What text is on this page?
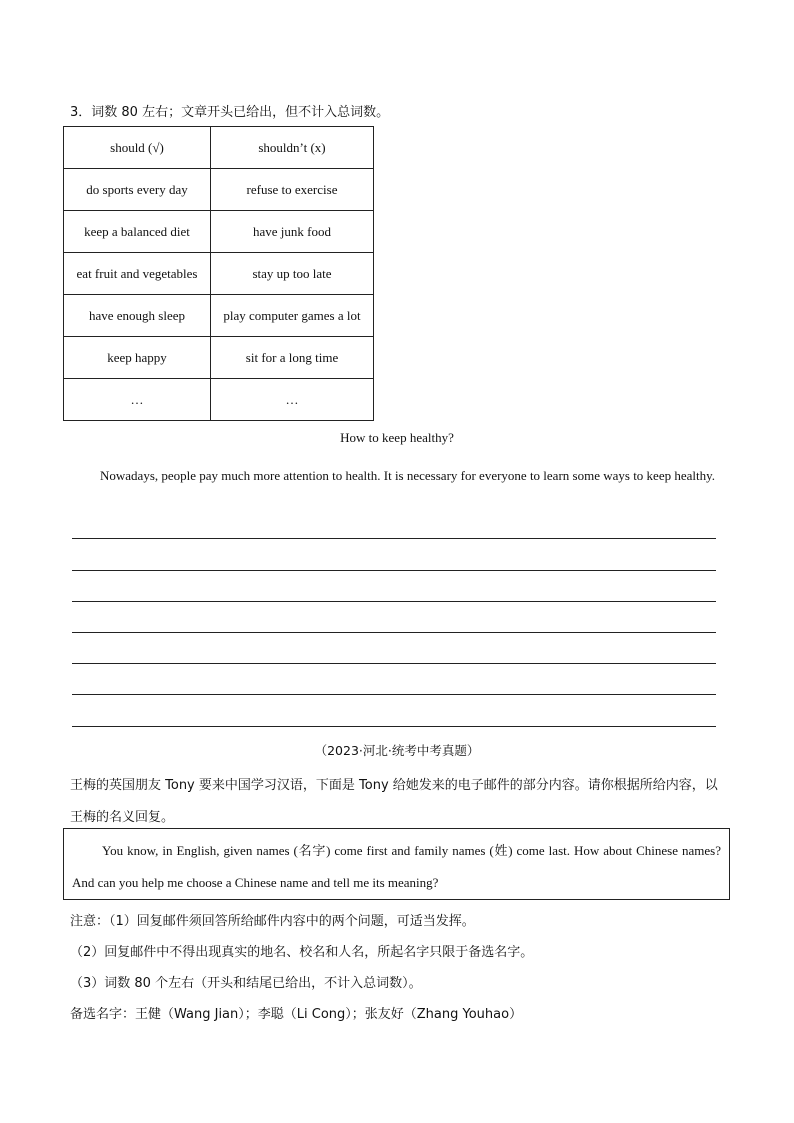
3．词数 80 左右；文章开头已给出，但不计入总词数。
should (√)	shouldn’t (x)
do sports every day	refuse to exercise
keep a balanced diet	have junk food
eat fruit and vegetables	stay up too late
have enough sleep	play computer games a lot
keep happy	sit for a long time
…	…
How to keep healthy?
Nowadays, people pay much more attention to health. It is necessary for everyone to learn some ways to keep healthy.
（2023·河北·统考中考真题）
王梅的英国朋友 Tony 要来中国学习汉语，下面是 Tony 给她发来的电子邮件的部分内容。请你根据所给内容，以王梅的名义回复。
You know, in English, given names (名字) come first and family names (姓) come last. How about Chinese names? And can you help me choose a Chinese name and tell me its meaning?
注意：（1）回复邮件须回答所给邮件内容中的两个问题，可适当发挥。
（2）回复邮件中不得出现真实的地名、校名和人名，所起名字只限于备选名字。
（3）词数 80 个左右（开头和结尾已给出，不计入总词数）。
备选名字：王健（Wang Jian）；李聪（Li Cong）；张友好（Zhang Youhao）
